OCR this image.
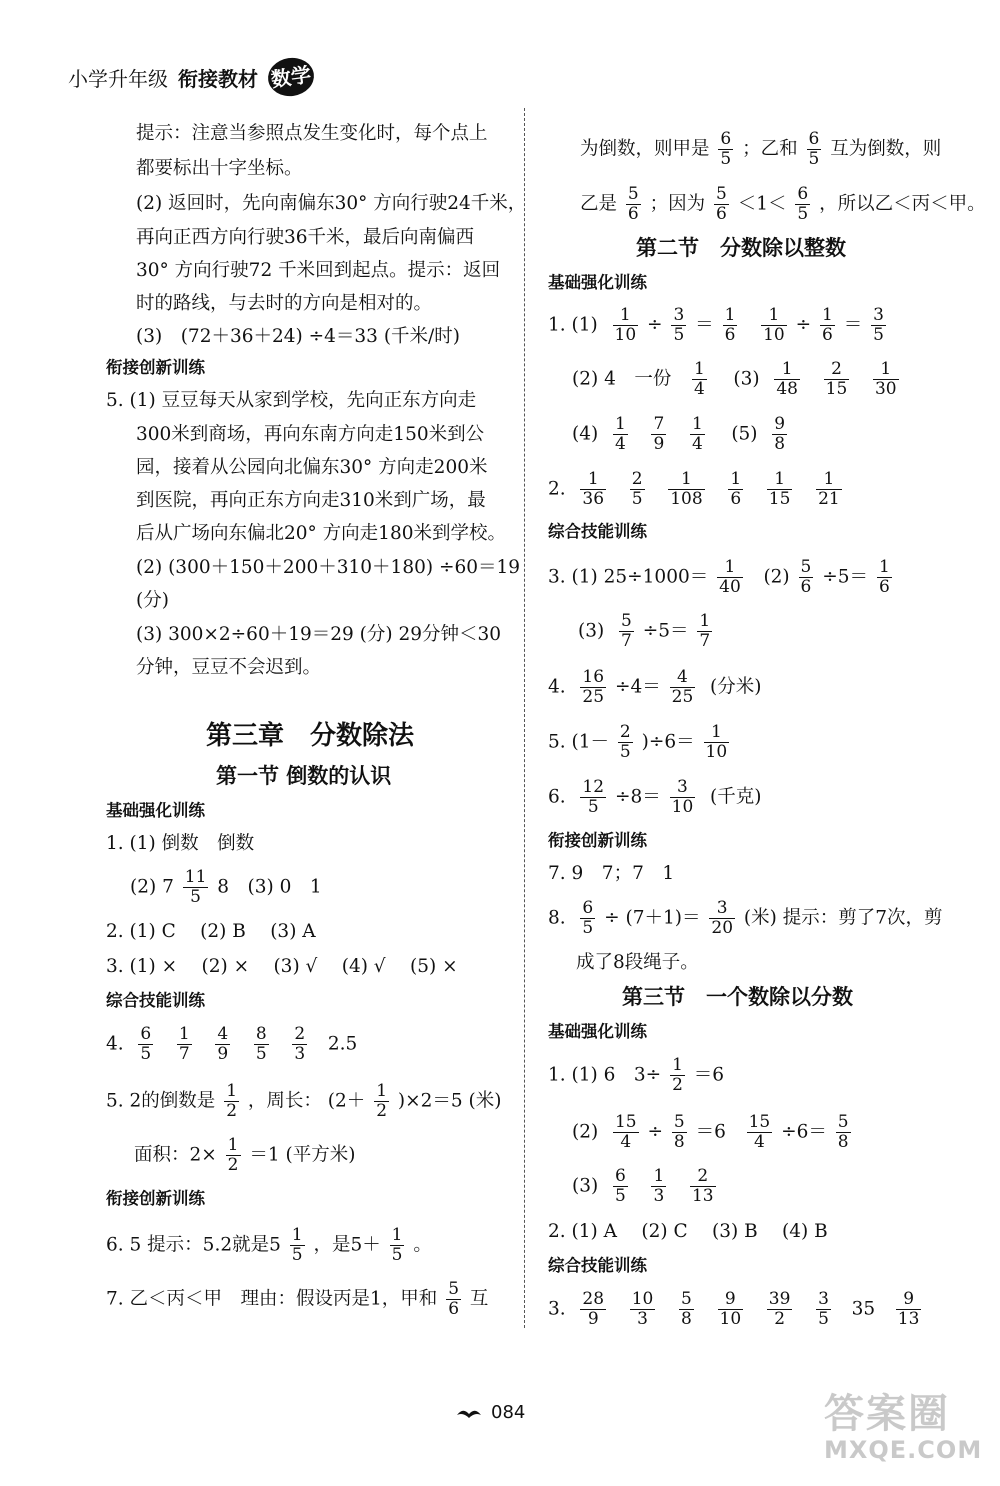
小学升年级 衔接教材 数学
提示：注意当参照点发生变化时，每个点上
都要标出十字坐标。
(2) 返回时，先向南偏东30° 方向行驶24千米，
再向正西方向行驶36千米，最后向南偏西
30° 方向行驶72 千米回到起点。提示：返回
时的路线，与去时的方向是相对的。
(3)　(72＋36＋24) ÷4＝33 (千米/时)
衔接创新训练
5. (1) 豆豆每天从家到学校，先向正东方向走
300米到商场，再向东南方向走150米到公
园，接着从公园向北偏东30° 方向走200米
到医院，再向正东方向走310米到广场，最
后从广场向东偏北20° 方向走180米到学校。
(2) (300＋150＋200＋310＋180) ÷60＝19
(分)
(3) 300×2÷60＋19＝29 (分) 29分钟＜30
分钟，豆豆不会迟到。
第三章　分数除法
第一节 倒数的认识
基础强化训练
1. (1) 倒数　倒数
(2) $7 \frac{11}{5} 8$　(3) 0　1
2. (1) C　 (2) B　 (3) A
3. (1) ×　 (2) ×　 (3) √　 (4) √　 (5) ×
综合技能训练
4. $\frac{6}{5}$
$\frac{1}{7}$
$\frac{4}{9}$
$\frac{8}{5}$
$\frac{2}{3} 2.5$
5. 2的倒数是 $\frac{1}{2}$ ，周长： $(2+ \frac{1}{2} )\times 2=5$ (米)
面积：$2\times \frac{1}{2} =1$ (平方米)
衔接创新训练
6. 5 提示：5.2就是$5 \frac{1}{5}$ ，是$5+ \frac{1}{5}$ 。
7. 乙＜丙＜甲　理由：假设丙是1，甲和 $\frac{5}{6}$ 互
为倒数，则甲是 $\frac{6}{5}$ ；乙和 $\frac{6}{5}$ 互为倒数，则
乙是 $\frac{5}{6}$ ；因为 $\frac{5}{6} <1< \frac{6}{5}$ ，所以乙＜丙＜甲。
第二节　分数除以整数
基础强化训练
1. $(1) \frac{1}{10} \div \frac{3}{5} = \frac{1}{6}$
$\frac{1}{10} \div \frac{1}{6} = \frac{3}{5}$
(2) 4　一份 $\frac{1}{4} (3) \frac{1}{48}$
$\frac{2}{15}$
$\frac{1}{30}$
$(4) \frac{1}{4}$
$\frac{7}{9}$
$\frac{1}{4} (5) \frac{9}{8}$
2. $\frac{1}{36}$
$\frac{2}{5}$
$\frac{1}{108}$
$\frac{1}{6}$
$\frac{1}{15}$
$\frac{1}{21}$
综合技能训练
3. (1) $25\div 1000= \frac{1}{40} (2) \frac{5}{6} \div 5= \frac{1}{6}$
$(3) \frac{5}{7} \div 5= \frac{1}{7}$
4. $\frac{16}{25} \div 4= \frac{4}{25}$ (分米)
5. $(1- \frac{2}{5} )\div 6= \frac{1}{10}$
6. $\frac{12}{5} \div 8= \frac{3}{10}$ (千克)
衔接创新训练
7. 9　7；7　1
8. $\frac{6}{5} \div (7+1)= \frac{3}{20}$ (米) 提示：剪了7次，剪
成了8段绳子。
第三节　一个数除以分数
基础强化训练
1. (1) 6　$3\div \frac{1}{2} =6$
$(2) \frac{15}{4} \div \frac{5}{8} =6 \frac{15}{4} \div 6= \frac{5}{8}$
$(3) \frac{6}{5}$
$\frac{1}{3}$
$\frac{2}{13}$
2. (1) A　 (2) C　 (3) B　 (4) B
综合技能训练
3. $\frac{28}{9}$
$\frac{10}{3}$
$\frac{5}{8}$
$\frac{9}{10}$
$\frac{39}{2}$
$\frac{3}{5} 35 \frac{9}{13}$
084	答案圈
MXQE.COM
